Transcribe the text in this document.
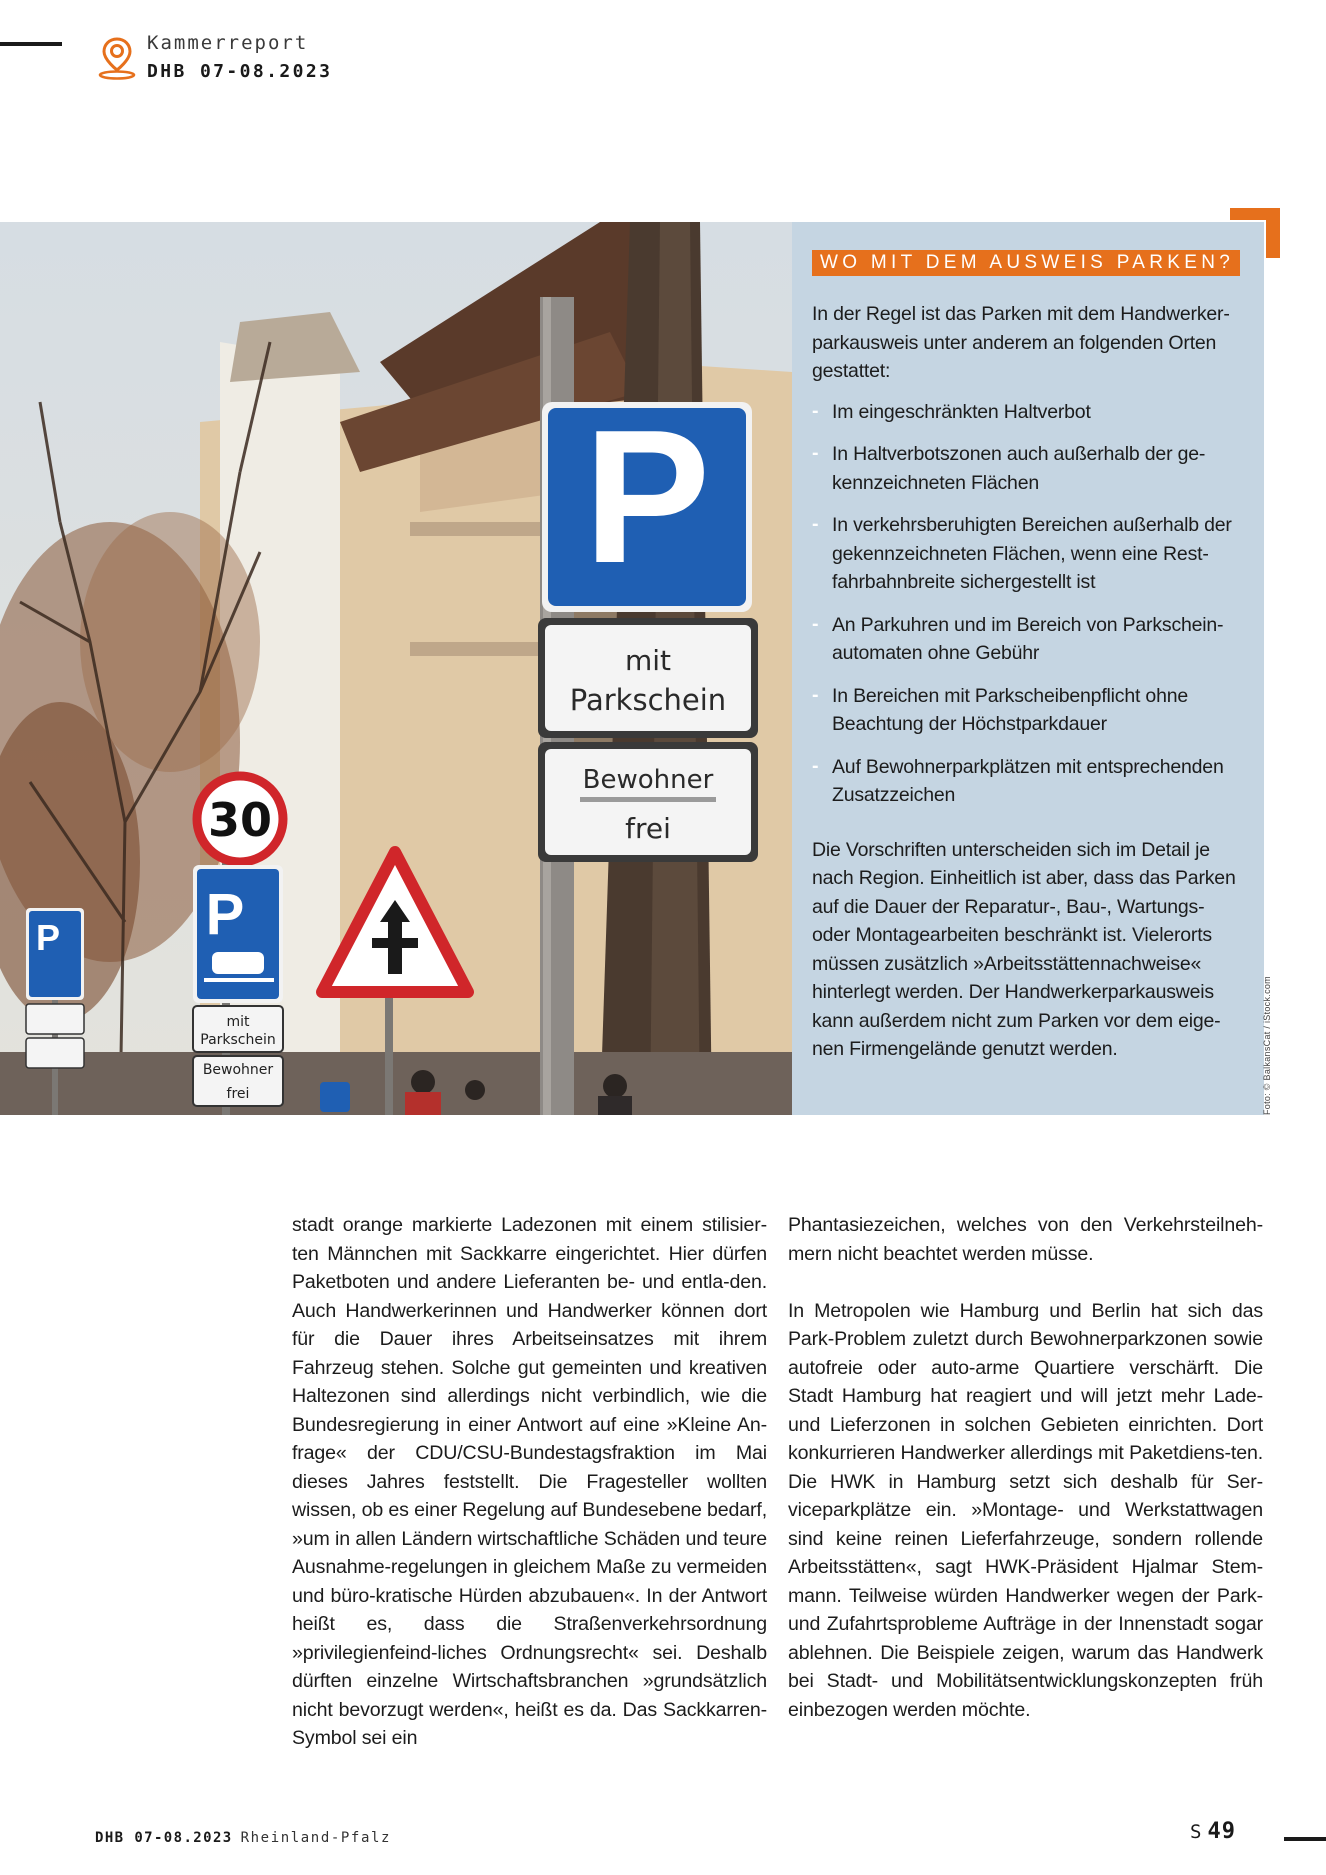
Kammerreport
DHB 07-08.2023
P
mit
Parkschein
Bewohner
frei
30
P
mit
Parkschein
Bewohner
frei
P
WO MIT DEM AUSWEIS PARKEN?

In der Regel ist das Parken mit dem Handwerker-parkausweis unter anderem an folgenden Orten gestattet:

- Im eingeschränkten Haltverbot
- In Haltverbotszonen auch außerhalb der ge-kennzeichneten Flächen
- In verkehrsberuhigten Bereichen außerhalb der gekennzeichneten Flächen, wenn eine Rest-fahrbahnbreite sichergestellt ist
- An Parkuhren und im Bereich von Parkschein-automaten ohne Gebühr
- In Bereichen mit Parkscheibenpflicht ohne Beachtung der Höchstparkdauer
- Auf Bewohnerparkplätzen mit entsprechenden Zusatzzeichen

Die Vorschriften unterscheiden sich im Detail je nach Region. Einheitlich ist aber, dass das Parken auf die Dauer der Reparatur-, Bau-, Wartungs- oder Montagearbeiten beschränkt ist. Vielerorts müssen zusätzlich »Arbeitsstättennachweise« hinterlegt werden. Der Handwerkerparkausweis kann außerdem nicht zum Parken vor dem eige-nen Firmengelände genutzt werden.	Foto: © BalkansCat / iStock.com

stadt orange markierte Ladezonen mit einem stilisier-ten Männchen mit Sackkarre eingerichtet. Hier dürfen Paketboten und andere Lieferanten be- und entla-den. Auch Handwerkerinnen und Handwerker können dort für die Dauer ihres Arbeitseinsatzes mit ihrem Fahrzeug stehen. Solche gut gemeinten und kreativen Haltezonen sind allerdings nicht verbindlich, wie die Bundesregierung in einer Antwort auf eine »Kleine An-frage« der CDU/CSU-Bundestagsfraktion im Mai dieses Jahres feststellt. Die Fragesteller wollten wissen, ob es einer Regelung auf Bundesebene bedarf, »um in allen Ländern wirtschaftliche Schäden und teure Ausnahme-regelungen in gleichem Maße zu vermeiden und büro-kratische Hürden abzubauen«. In der Antwort heißt es, dass die Straßenverkehrsordnung »privilegienfeind-liches Ordnungsrecht« sei. Deshalb dürften einzelne Wirtschaftsbranchen »grundsätzlich nicht bevorzugt werden«, heißt es da. Das Sackkarren-Symbol sei ein

Phantasiezeichen, welches von den Verkehrsteilneh-mern nicht beachtet werden müsse.

In Metropolen wie Hamburg und Berlin hat sich das Park-Problem zuletzt durch Bewohnerparkzonen sowie autofreie oder auto-arme Quartiere verschärft. Die Stadt Hamburg hat reagiert und will jetzt mehr Lade- und Lieferzonen in solchen Gebieten einrichten. Dort konkurrieren Handwerker allerdings mit Paketdiens-ten. Die HWK in Hamburg setzt sich deshalb für Ser-viceparkplätze ein. »Montage- und Werkstattwagen sind keine reinen Lieferfahrzeuge, sondern rollende Arbeitsstätten«, sagt HWK-Präsident Hjalmar Stem-mann. Teilweise würden Handwerker wegen der Park- und Zufahrtsprobleme Aufträge in der Innenstadt sogar ablehnen. Die Beispiele zeigen, warum das Handwerk bei Stadt- und Mobilitätsentwicklungskonzepten früh einbezogen werden möchte.

DHB 07-08.2023 Rheinland-Pfalz	S 49
